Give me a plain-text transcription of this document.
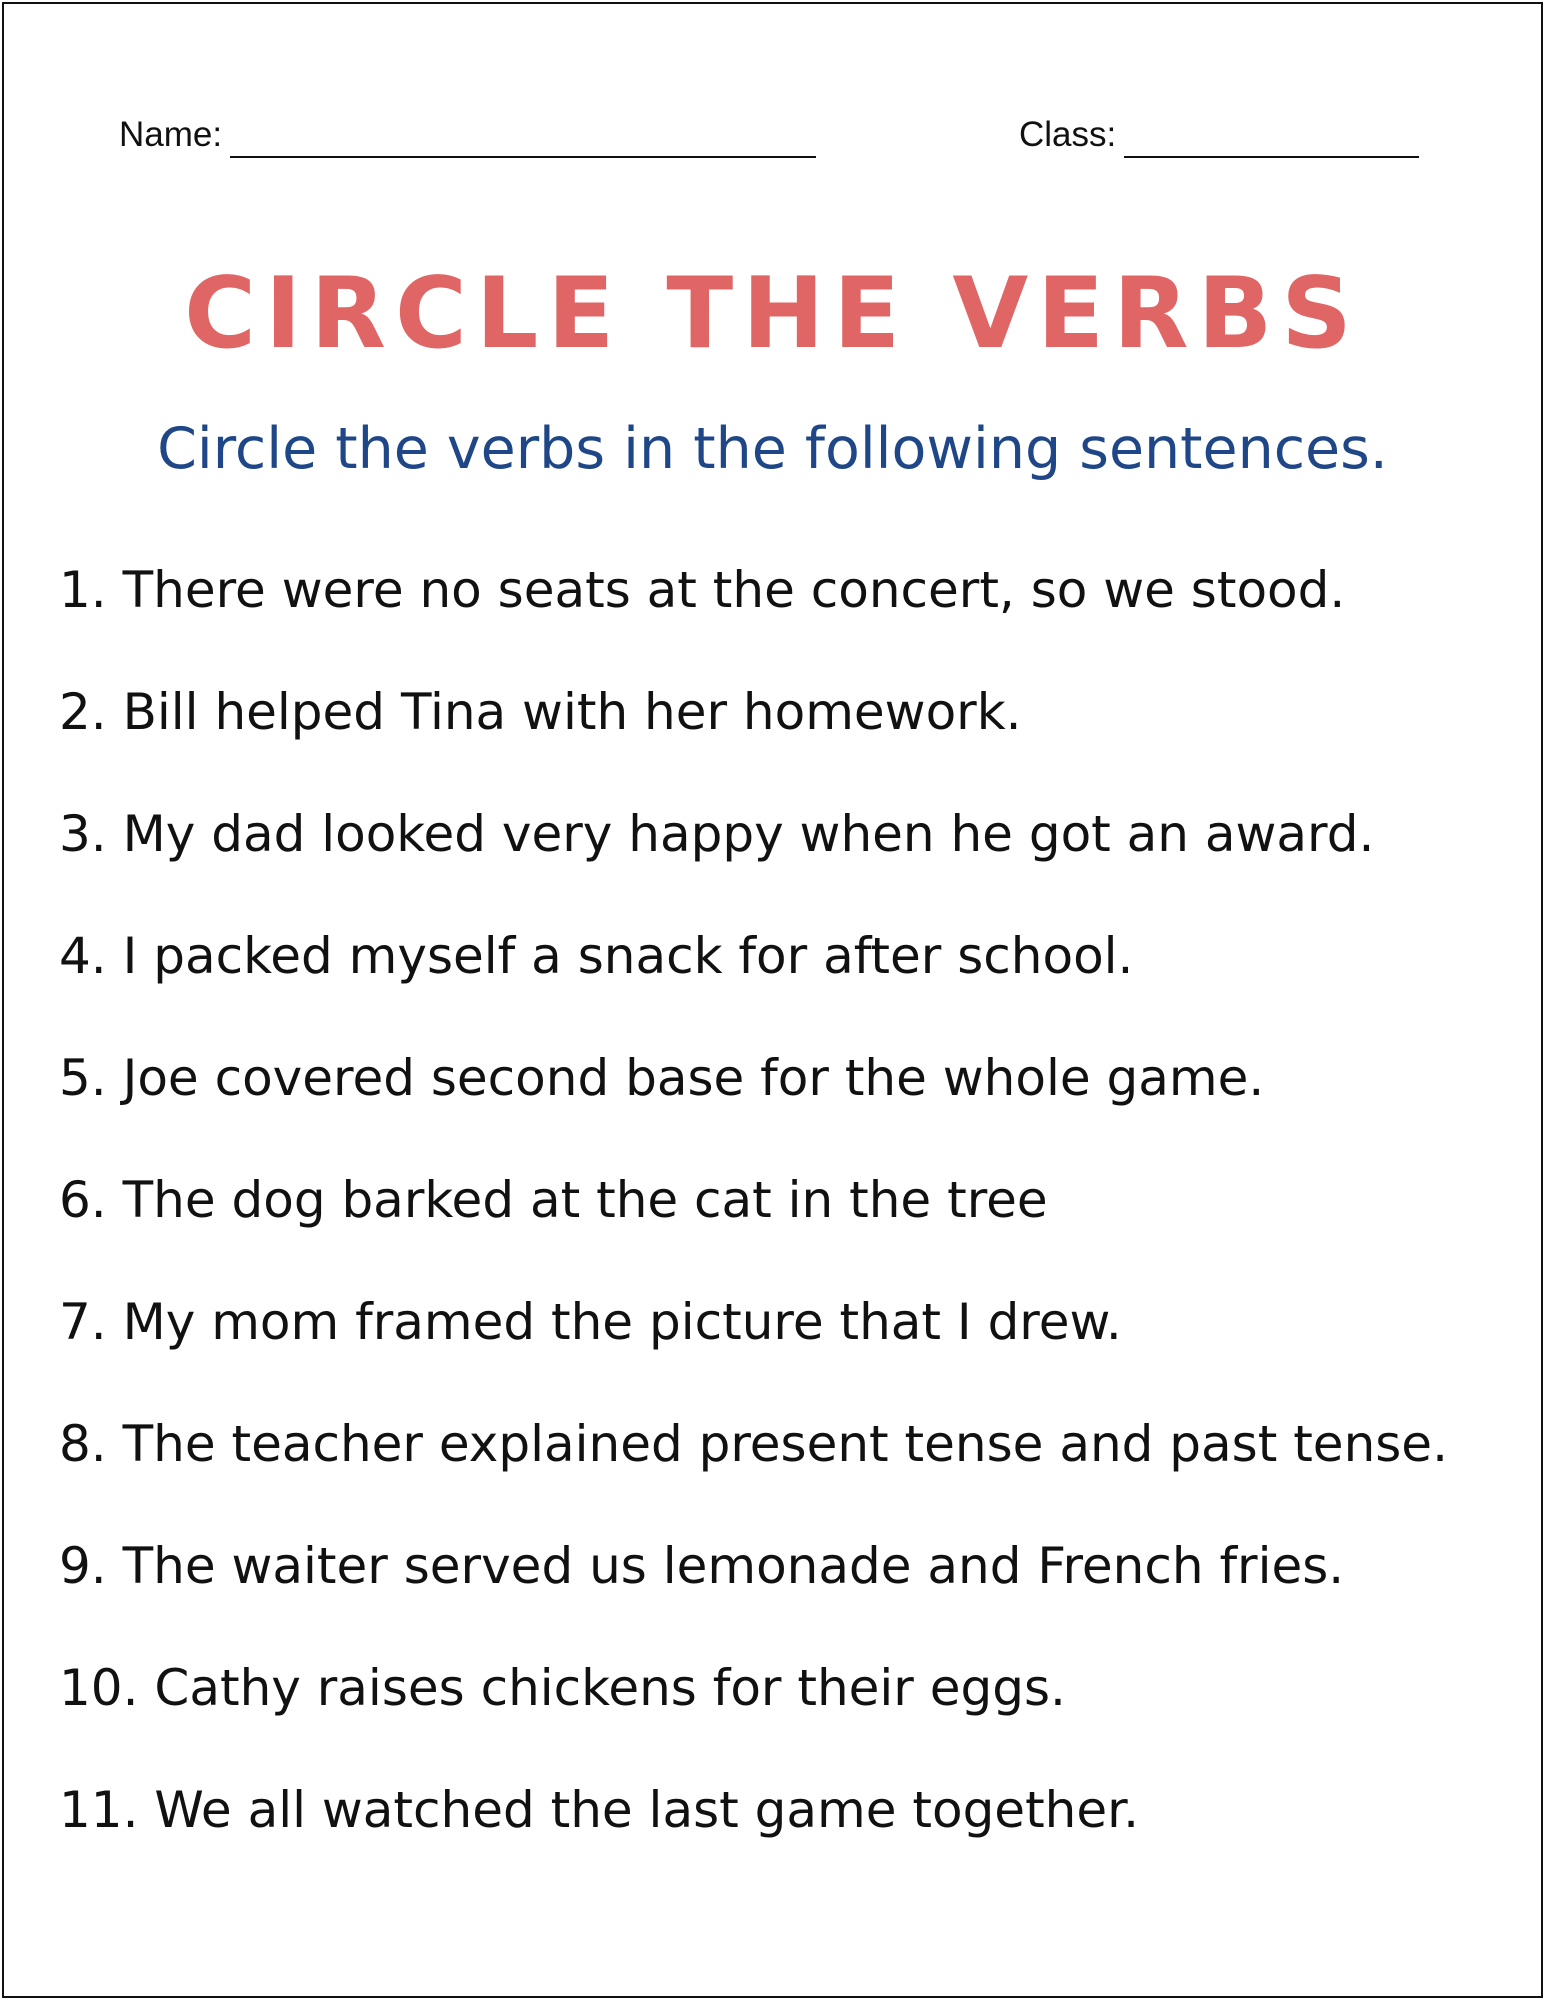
Name:	Class:
CIRCLE THE VERBS

Circle the verbs in the following sentences.

1. There were no seats at the concert, so we stood.
2. Bill helped Tina with her homework.
3. My dad looked very happy when he got an award.
4. I packed myself a snack for after school.
5. Joe covered second base for the whole game.
6. The dog barked at the cat in the tree
7. My mom framed the picture that I drew.
8. The teacher explained present tense and past tense.
9. The waiter served us lemonade and French fries.
10. Cathy raises chickens for their eggs.
11. We all watched the last game together.
